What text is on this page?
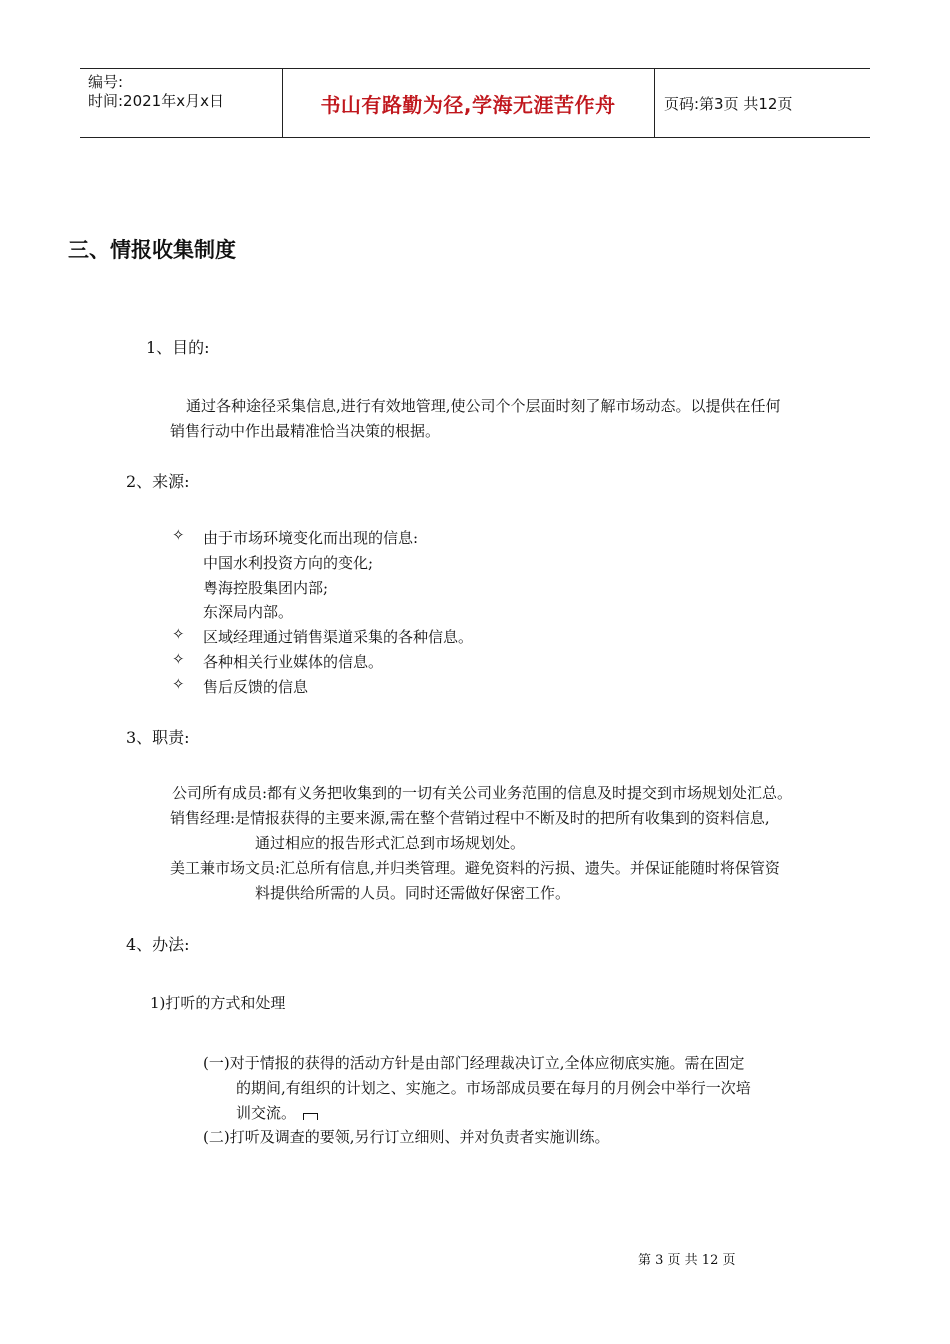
编号:
时间:2021年x月x日	书山有路勤为径,学海无涯苦作舟	页码:第3页 共12页
三、情报收集制度
1、目的:
通过各种途径采集信息,进行有效地管理,使公司个个层面时刻了解市场动态。以提供在任何
销售行动中作出最精准恰当决策的根据。
2、来源:
✧ 由于市场环境变化而出现的信息:
中国水利投资方向的变化;
粤海控股集团内部;
东深局内部。
✧ 区域经理通过销售渠道采集的各种信息。
✧ 各种相关行业媒体的信息。
✧ 售后反馈的信息
3、职责:
公司所有成员:都有义务把收集到的一切有关公司业务范围的信息及时提交到市场规划处汇总。
销售经理:是情报获得的主要来源,需在整个营销过程中不断及时的把所有收集到的资料信息,
通过相应的报告形式汇总到市场规划处。
美工兼市场文员:汇总所有信息,并归类管理。避免资料的污损、遗失。并保证能随时将保管资
料提供给所需的人员。同时还需做好保密工作。
4、办法:
1)打听的方式和处理
(一)对于情报的获得的活动方针是由部门经理裁决订立,全体应彻底实施。需在固定
的期间,有组织的计划之、实施之。市场部成员要在每月的月例会中举行一次培
训交流。
(二)打听及调查的要领,另行订立细则、并对负责者实施训练。
第 3 页 共 12 页
